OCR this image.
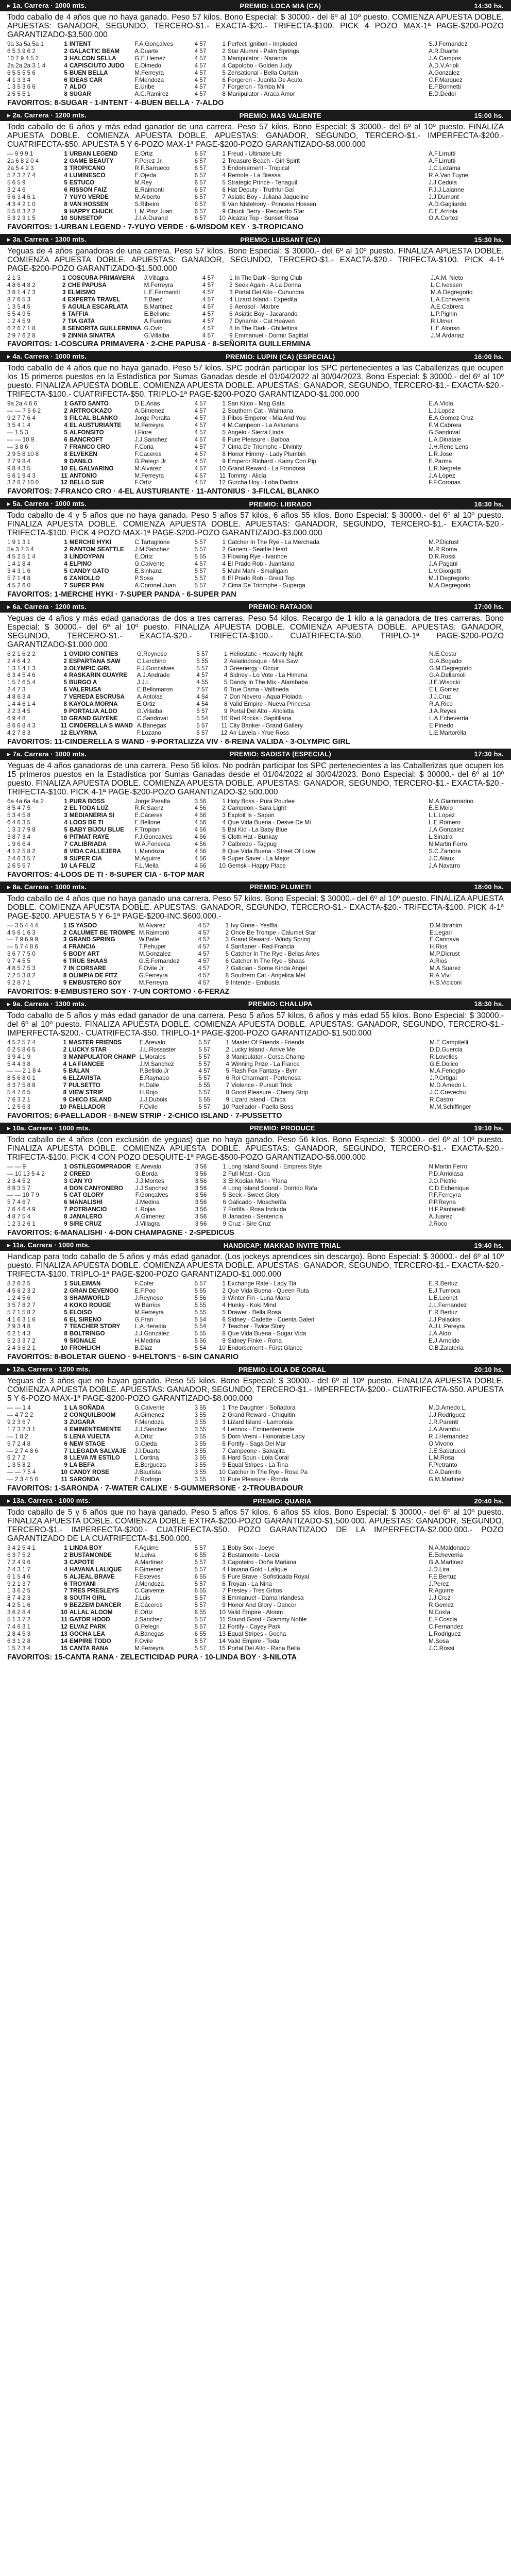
▸ 1a. Carrera · 1000 mts.	PREMIO: LOCA MIA (CA)	14:30 hs.
Todo caballo de 4 años que no haya ganado. Peso 57 kilos. Bono Especial: $ 30000.- del 6º al 10º puesto. COMIENZA APUESTA DOBLE. APUESTAS: GANADOR, SEGUNDO, TERCERO-$1.- EXACTA-$20.- TRIFECTA-$100. PICK 4 POZO MAX-1ª PAGE-$200-POZO GARANTIZADO-$3.500.000
9a 3a 5a 5a 1	1	INTENT	F.A.Gonçalves	4 57	1	Perfect Ignition - Imploded	S.J.Fernandez
6 5 3 9 6 2	2	GALACTIC BEAM	A.Duarte	4 57	2	Star Alumni - Palm Springs	A.R.Duarte
10 7 9 4 5 2	3	HALCON SELLA	G.E.Hemez	4 57	3	Manipulator - Naranda	J.A.Campos
2a 2a 2a 3 1 4	4	CAPISCIUTO JUDO	E.Olmedo	4 57	4	Capolobo - Golden Judy	A.D.V.Arioli
6 5 5 5 5 6	5	BUEN BELLA	M.Ferreyra	4 57	5	Zensational - Bella Curtain	A.Gonzalez
4 1 3 3 4	6	IDEAS CAR	F.Mendoza	4 57	6	Forgeron - Juanita De Acuto	C.F.Marquez
1 3 5 3 6 6	7	ALDO	E.Uribe	4 57	7	Forgeron - Tamba Mii	E.F.Bonnetti
2 5 5 5 1	8	SUGAR	A.C.Ramirez	4 57	8	Manipulator - Araca Amor	E.D.Dedol
FAVORITOS: 8-SUGAR · 1-INTENT · 4-BUEN BELLA · 7-ALDO
▸ 2a. Carrera · 1200 mts.	PREMIO: MAS VALIENTE	15:00 hs.
Todo caballo de 6 años y más edad ganador de una carrera. Peso 57 kilos. Bono Especial: $ 30000.- del 6º al 10º puesto. FINALIZA APUESTA DOBLE. COMIENZA APUESTA DOBLE. APUESTAS: GANADOR, SEGUNDO, TERCERO-$1.- IMPERFECTA-$200.- CUATRIFECTA-$50. APUESTA 5 Y 6-POZO MAX-1ª PAGE-$200-POZO GARANTIZADO-$8.000.000
— 9 9 9 1	1	URBAN LEGEND	E.Ortiz	6 57	1	Freud - Ultimate Life	A.F.Lirrutti
2a 6 8 2 0 4	2	GAME BEAUTY	F.Perez Jr.	6 57	2	Treasure Beach - Girl Spirit	A.F.Lirrutti
2a 5 4 2 3	3	TROPICANO	R.F.Barrueco	6 57	3	Endorsement - Tropical	J.C.Lezama
5 2 3 2 7 4	4	LUMINESCO	E.Ojeda	6 57	4	Remote - La Bressa	R.A.Van Tuyne
5 6 5 9	5	ESTUCO	M.Rey	6 57	5	Strategic Prince - Tenaguil	J.J.Cedola
3 2 4 6	6	RISSON FAIZ	E.Raimonti	6 57	6	Hat Deputy - Truthful Gal	P.J.J.Lalanne
5 6 3 4 6 1	7	YUYO VERDE	M.Alberto	6 57	7	Asiatic Boy - Juliana Jaqueline	J.J.Dumont
4 3 4 2 1 0	8	VAN HOSSEN	S.Ribeiro	6 57	8	Van Nistelrooy - Princess Hossen	A.D.Gagliardo
5 5 8 3 2 2	9	HAPPY CHUCK	L.M.Pinz Juan	6 57	9	Chuck Berry - Recuerdo Star	C.E.Arriola
5 3 2 3 1 5	10	SUNSETOP	J.I.A.Durand	6 57	10	Alcázar Top - Sunset Rosa	O.A.Cortez
FAVORITOS: 1-URBAN LEGEND · 7-YUYO VERDE · 6-WISDOM KEY · 3-TROPICANO
▸ 3a. Carrera · 1300 mts.	PREMIO: LUSSANT (CA)	15:30 hs.
Yeguas de 4 años ganadoras de una carrera. Peso 57 kilos. Bono Especial: $ 30000.- del 6º al 10º puesto. FINALIZA APUESTA DOBLE. COMIENZA APUESTA DOBLE. APUESTAS: GANADOR, SEGUNDO, TERCERO-$1.- EXACTA-$20.- TRIFECTA-$100. PICK 4-1ª PAGE-$200-POZO GARANTIZADO-$1.500.000
2 1 3	1	COSCURA PRIMAVERA	J.Villagra	4 57	1	In The Dark - Spring Club	J.A.M. Nieto
4 8 6 4 8 2	2	CHE PAPUSA	M.Ferreyra	4 57	2	Seek Again - A La Donna	L.C.Ivessen
3 8 1 4 7 3	3	ELMISMO	L.E.Fermandi	4 57	3	Portal Del Alto - Cuhundra	M.A.Degregorio
8 7 6 5 3	4	EXPERTA TRAVEL	T.Baez	4 57	4	Lizard Island - Expedita	L.A.Echeverria
1 3 5 4 5	5	AGUILA ESCARLATA	B.Martinez	4 57	5	Aerosol - Marbre	A.E.Cabrera
5 5 4 9 5	6	TAFFIA	E.Bellone	4 57	6	Asiatic Boy - Jacarando	L.P.Pighin
1 2 4 5 9	7	TIA GATA	A.Fuentes	4 57	7	Dynamix - Cat Heaven	R.Ulmer
6 2 6 7 1 8	8	SENORITA GUILLERMINA	G.Ovid	4 57	8	In The Dark - Ghillettina	L.E.Alonso
2 9 7 6 2 8	9	ZINNIA SINATRA	G.Villalba	4 57	9	Emmanuel - Dormir Sagittal	J.M.Ardanaz
FAVORITOS: 1-COSCURA PRIMAVERA · 2-CHE PAPUSA · 8-SEÑORITA GUILLERMINA
▸ 4a. Carrera · 1000 mts.	PREMIO: LUPIN (CA) (ESPECIAL)	16:00 hs.
Todo caballo de 4 años que no haya ganado. Peso 57 kilos. SPC podrán participar los SPC pertenecientes a las Caballerizas que ocupen los 15 primeros puestos en la Estadística por Sumas Ganadas desde el 01/04/2022 al 30/04/2023. Bono Especial: $ 30000.- del 6º al 10º puesto. FINALIZA APUESTA DOBLE. COMIENZA APUESTA DOBLE. APUESTAS: GANADOR, SEGUNDO, TERCERO-$1.- EXACTA-$20.- TRIFECTA-$100.- CUATRIFECTA-$50. TRIPLO-1ª PAGE-$200-POZO GARANTIZADO-$1.000.000
9a 2a 4 6 6	1	GATO SANTO	D.E.Arias	4 57	1	San Kitco - Mag Gata	E.A.Viola
— — 7 5 6 2	2	ARTROCKAZO	A.Gimenez	4 57	2	Southern Cat - Waimana	L.J.Lopez
9 2 7 7 6 4	3	FILCAL BLANKO	Jorge Peralta	4 57	3	Pibos Emperor - Mia And You	E.A.Gomez Cruz
3 5 4 1 4	4	EL AUSTURIANTE	M.Ferreyra	4 57	4	M.Campeon - La Asturiana	F.M.Cabrera
— 1 5 3	5	ALFONSITO	I.Fiore	4 57	5	Angelo - Sierra Linda	G.Sandoval
— — 10 9	6	BANCROFT	J.J.Sanchez	4 57	6	Pure Pleasure - Balboa	L.A.Dinatale
— 3 8 6	7	FRANCO CRO	F.Coria	4 57	7	Cima De Triomphe - Divinity	J.H.Rene Lens
2 9 5 8 10 8	8	ELVEKEN	F.Caceres	4 57	8	Honor Himmy - Lady Plumbin	L.R.Jose
2 7 9 8 4	9	DANILO	G.Pelegri Jr	4 57	9	Emperor Richard - Kamy Con Pip	E.Parma
9 8 4 3 5	10	EL GALVARINO	M.Alvarez	4 57	10	Grand Reward - La Frondosa	L.R.Negrete
5 6 1 9 4 3	11	ANTONIO	M.Ferreyra	4 57	11	Tommy - Alicia	J.A.Lopez
3 2 8 7 10 0	12	BELLO SUR	F.Ortiz	4 57	12	Gurcha Hoy - Loba Dadina	F.F.Coronas
FAVORITOS: 7-FRANCO CRO · 4-EL AUSTURIANTE · 11-ANTONIUS · 3-FILCAL BLANKO
▸ 5a. Carrera · 1000 mts.	PREMIO: LIBRADO	16:30 hs.
Todo caballo de 4 y 5 años que no haya ganado. Peso 5 años 57 kilos, 6 años 55 kilos. Bono Especial: $ 30000.- del 6º al 10º puesto. FINALIZA APUESTA DOBLE. COMIENZA APUESTA DOBLE. APUESTAS: GANADOR, SEGUNDO, TERCERO-$1.- EXACTA-$20.- TRIFECTA-$100. PICK 4 POZO MAX-1ª PAGE-$200-POZO GARANTIZADO-$3.000.000
1 9 1 3 1	1	MERCHE HYKI	C.Tartaglione	5 57	1	Catcher In The Rye - La Merchada	M.P.Dicrust
5a 3 7 3 4	2	RANTOM SEATTLE	J.M.Sanchez	5 57	2	Ganem - Seattle Heart	M.R.Roma
4 5 2 5 1 4	3	LINDOYPAN	E.Ortiz	5 55	3	Flowing Rye - Ivanhoe	D.R.Rossi
1 4 1 8 4	4	ELPINO	G.Calvente	4 57	4	El Prado Rob - Juanfaina	J.A.Pagani
3 4 3 1 6	5	CANDY GATO	E.Sinhanz	5 57	5	Mahi Mahi - Smalligain	L.V.Giorgetti
5 7 1 4 8	6	ZANIOLLO	P.Sosa	5 57	6	El Prado Rob - Great Top	M.J.Degregorio
4 5 2 6 0	7	SUPER PAN	A.Coronel Juan	5 57	7	Cima De Triomphe - Superga	M.A.Degregorio
FAVORITOS: 1-MERCHE HYKI · 7-SUPER PANDA · 6-SUPER PAN
▸ 6a. Carrera · 1200 mts.	PREMIO: RATAJON	17:00 hs.
Yeguas de 4 años y más edad ganadoras de dos a tres carreras. Peso 54 kilos. Recargo de 1 kilo a la ganadora de tres carreras. Bono Especial: $ 30000.- del 6º al 10º puesto. FINALIZA APUESTA DOBLE. COMIENZA APUESTA DOBLE. APUESTAS: GANADOR, SEGUNDO, TERCERO-$1.- EXACTA-$20.- TRIFECTA-$100.- CUATRIFECTA-$50. TRIPLO-1ª PAGE-$200-POZO GARANTIZADO-$1.000.000
6 2 1 6 2 2	1	OVIDIO CONTIES	G.Reynoso	5 57	1	Heliostatic - Heavenly Night	N.E.Cesar
2 4 6 4 2	2	ESPARTANA SAW	C.Lerchino	5 55	2	Asiatiobosque - Miss Saw	G.A.Bogado
1 3 1 4 1 3	3	OLYMPIC GIRL	F.J.Goncalves	5 57	3	Greenergy - Occur	G.M.Degregorio
6 3 4 5 4 6	4	RASKARIN GUAYRE	A.J.Andrade	4 57	4	Sidney - Lo Vote - La Himena	G.A.Dellamoli
1 5 7 6 5 4	5	BURGO A	J.J.L.	4 55	5	Dandy In The Mix - Alambaba	J.E.Wisocki
2 4 7 3	6	VALERUSA	E.Bellomaron	7 57	6	True Dama - Valfineda	E.L.Gomez
4 8 6 3 4	7	VEREDA ESCRUSA	A.Antolas	4 54	7	Don Nevero - Aqua Piolada	J.J.Cruz
1 4 4 6 1 4	8	KAYOLA MORNA	E.Ortiz	4 54	8	Valid Empire - Nueva Princesa	R.A.Rico
2 2 3 4 5	9	PORTALIA ALDO	G.Villalba	5 57	9	Portal Del Alto - Altoletta	J.A.Reyes
6 9 4 8	10	GRAND GUYENE	C.Sandoval	5 54	10	Red Rocks - Sapitiliana	L.A.Echeverria
8 6 6 8 4 3	11	CINDERELLA S WAND	A.Banegas	5 57	11	City Banker - Grand Gallery	E.Pinedo
4 2 7 8 3	12	ELVYRNA	F.Lozano	6 57	12	Air Lavela - Yrue Ross	L.E.Martorella
FAVORITOS: 11-CINDERELLA S WAND · 9-PORTALIZZA VIV · 8-REINA VALIDA · 3-OLYMPIC GIRL
▸ 7a. Carrera · 1000 mts.	PREMIO: SADISTA (ESPECIAL)	17:30 hs.
Yeguas de 4 años ganadoras de una carrera. Peso 56 kilos. No podrán participar los SPC pertenecientes a las Caballerizas que ocupen los 15 primeros puestos en la Estadística por Sumas Ganadas desde el 01/04/2022 al 30/04/2023. Bono Especial: $ 30000.- del 6º al 10º puesto. FINALIZA APUESTA DOBLE. COMIENZA APUESTA DOBLE. APUESTAS: GANADOR, SEGUNDO, TERCERO-$1.- EXACTA-$20.- TRIFECTA-$100. PICK 4-1ª PAGE-$200-POZO GARANTIZADO-$2.500.000
6a 4a 6a 4a 2	1	PURA BOSS	Jorge Peralta	3 56	1	Holy Boss - Pura Pourlee	M.A.Giammarino
8 5 4 7 5	2	EL TODA LUZ	R.R.Saenz	4 56	2	Campeon - Sara Light	E.E.Melo
5 3 4 5 8	3	MEDIANERIA SI	E.Cáceres	4 56	3	Exploit Is - Sapori	L.L.Lopez
6 4 6 3 5	4	LOOS DE TI	E.Bellone	4 56	4	Que Vida Buena - Desve De Mi	L.E.Romero
1 3 3 7 9 8	5	BABY BIJOU BLUE	F.Tropiani	4 56	5	Bal Kid - La Baby Blue	J.A.Gonzalez
3 8 7 3 4	6	PITMAT RAYE	F.J.Goncalves	4 56	6	Cloth Hat - Bunkay	L.Sinatra
1 9 6 6 4	7	CALIBRIADA	W.A.Fonseca	4 56	7	Calbredo - Tagpug	N.Martin Ferro
4 1 2 5 8 2	8	VIDA CALLEJERA	L.Mendoza	4 56	8	Que Vida Buena - Street Of Love	S.C.Zamora
2 4 6 3 5 7	9	SUPER CIA	M.Aguirre	4 56	9	Super Saver - La Mejor	J.C.Alaux
2 6 5 5 7	10	LA FELIZ	F.L.Mella	4 56	10	Gemsk - Happy Place	J.A.Navarro
FAVORITOS: 4-LOOS DE TI · 8-SUPER CIA · 6-TOP MAR
▸ 8a. Carrera · 1000 mts.	PREMIO: PLUMETI	18:00 hs.
Todo caballo de 4 años que no haya ganado una carrera. Peso 57 kilos. Bono Especial: $ 30000.- del 6º al 10º puesto. FINALIZA APUESTA DOBLE. COMIENZA APUESTA DOBLE. APUESTAS: GANADOR, SEGUNDO, TERCERO-$1.- EXACTA-$20.- TRIFECTA-$100. PICK 4-1ª PAGE-$200. APUESTA 5 Y 6-1ª PAGE-$200-INC.$600.000.-
— 3 5 4 4 4	1	IS YASOO	M.Alvarez	4 57	1	Ivy Gone - Yesffia	D.M.Ibrahim
4 5 6 1 6 3	2	CALUMET BE TROMPE	M.Raimonti	4 57	2	Once Be Trompe - Calumet Star	E.Legari
— 7 9 6 9 9	3	GRAND SPRING	W.Balle	4 57	3	Grand Reward - Windy Spring	E.Cannava
— 5 7 4 8 6	4	FRANCIA	T.Pehuper	4 57	4	Sanflaner - Red Francia	H.Rios
3 6 7 7 5 0	5	BODY ART	M.Gonzalez	4 57	5	Catcher In The Rye - Bellas Artes	M.P.Dicrust
9 7 4 5 5	6	TRUE SHAAS	G.E.Fernandez	4 57	6	Catcher In The Rye - Shaas	A.Rios
4 8 5 7 5 3	7	IN CORSARE	F.Ovile Jr	4 57	7	Galician - Some Kinda Angel	M.A.Suarez
7 2 5 3 8 2	8	OLIMPIA DE FITZ	G.Ferreyra	4 57	8	Southern Cat - Angelica Mel	R.A.Vivi
9 2 8 7 1	9	EMBUSTERO SOY	M.Ferreyra	4 57	9	Intende - Embusta	H.S.Viciconi
FAVORITOS: 9-EMBUSTERO SOY · 7-UN CORTOMO · 6-FERAZ
▸ 9a. Carrera · 1300 mts.	PREMIO: CHALUPA	18:30 hs.
Todo caballo de 5 años y más edad ganador de una carrera. Peso 5 años 57 kilos, 6 años y más edad 55 kilos. Bono Especial: $ 30000.- del 6º al 10º puesto. FINALIZA APUESTA DOBLE. COMIENZA APUESTA DOBLE. APUESTAS: GANADOR, SEGUNDO, TERCERO-$1.- IMPERFECTA-$200.- CUATRIFECTA-$50. TRIPLO-1ª PAGE-$200-POZO GARANTIZADO-$1.500.000
4 5 2 5 7 4	1	MASTER FRIENDS	E.Arevalo	5 57	1	Master Of Friends - Friends	M.E.Campitelli
6 2 5 8 6 5	2	LUCKY STAR	J.L.Rossaster	5 57	2	Lucky Island - Arrive Me	D.D.Guercia
3 9 4 1 9	3	MANIPULATOR CHAMP	L.Morales	5 57	3	Manipulator - Corsa Champ	R.Lovelles
5 4 4 3 8	4	LA FIANCEE	J.M.Sanchez	5 57	4	Winning Prize - La Fiance	G.E.Dolico
— — 2 1 8 4	5	BALAN	P.Bellido Jr	4 57	5	Flash Fox Fantasy - Bym	M.A.Fenoglio
8 5 6 8 0 1	6	ELZAVISTA	E.Raynapo	5 57	6	Roi Charmant - Portenosa	J.P.Ortigai
8 3 7 5 8 8	7	PULSETTO	H.Dalle	5 55	7	Violence - Pursuit Trick	M.D.Amedo L.
5 4 7 6 5	8	VIEW STRIP	H.Rojo	5 57	8	Good Pleasure - Cherry Strip	J.C.Crevechu
7 6 3 2 1	9	CHICO ISLAND	J.J.Dubois	5 55	9	Lizard Island - Chica	R.Castro
1 2 5 6 3	10	PAELLADOR	F.Ovile	5 57	10	Paellador - Paella Boss	M.M.Schiffinger
FAVORITOS: 6-PAELLADOR · 8-NEW STRIP · 2-CHICO ISLAND · 7-PUSSETTO
▸ 10a. Carrera · 1000 mts.	PREMIO: PRODUCE	19:10 hs.
Todo caballo de 4 años (con exclusión de yeguas) que no haya ganado. Peso 56 kilos. Bono Especial: $ 30000.- del 6º al 10º puesto. FINALIZA APUESTA DOBLE. COMIENZA APUESTA DOBLE. APUESTAS: GANADOR, SEGUNDO, TERCERO-$1.- EXACTA-$20.- TRIFECTA-$100. PICK 4 CON POZO DESQUITE-1ª PAGE-$500-POZO GARANTIZADO-$6.000.000
— — 9	1	OSTILEGOMPRADOR	E.Arevalo	3 56	1	Long Island Sound - Empress Style	N.Martin Ferro
— 10 13 5 4 2	2	CREED	G.Borda	3 56	2	Full Mast - Cida	P.D.Arriolasa
2 3 4 5 2	3	CAN YO	J.J.Montes	3 56	3	El Kodiak Man - Ylana	J.O.Pietrie
8 8 3 5 7	4	DON CANYONERO	J.J.Sanchez	3 56	4	Long Island Sound - Dorrido Rafa	C.D.Echenique
— — 10 7 9	5	CAT GLORY	F.Gonçalves	3 56	5	Seek - Sweet Glory	P.F.Ferreyra
5 7 4 6 7	6	MANALISHI	J.Medina	3 56	6	Galicado - Moscherita	P.P.Reyna
7 6 4 6 4 9	7	POTRIANCIO	L.Rojas	3 56	7	Forlifa - Rosa Incluida	H.F.Pantanelli
4 8 7 5 4	8	JANALERO	A.Gimenez	3 56	8	Janadeo - Sentencia	A.Juarez
1 2 3 2 6 1	9	SIRE CRUZ	J.Villagra	3 56	9	Cruz - Sire Cruz	J.Roco
FAVORITOS: 6-MANALISHI · 4-DON CHAMPAGNE · 2-SPEDICUS
▸ 11a. Carrera · 1000 mts.	HANDICAP: MAKKAD INVITE TRIAL	19:40 hs.
Handicap para todo caballo de 5 años y más edad ganador. (Los jockeys aprendices sin descargo). Bono Especial: $ 30000.- del 6º al 10º puesto. FINALIZA APUESTA DOBLE. COMIENZA APUESTA DOBLE. APUESTAS: GANADOR, SEGUNDO, TERCERO-$1.- EXACTA-$20.- TRIFECTA-$100. TRIPLO-1ª PAGE-$200-POZO GARANTIZADO-$1.000.000
8 2 6 2 5	1	SULEIMAN	F.Cofer	5 57	1	Exchange Rate - Lady Tia	E.R.Bertuz
4 5 8 2 3 2	2	GRAN DEVENGO	E.F.Poo	5 55	2	Que Vida Buena - Queen Ruta	E.J.Tumoca
1 2 4 5 6	3	SHAMWORLD	J.Reynoso	5 56	3	Winter Fin - Luna Maria	L.E.Leonet
3 5 7 8 2 7	4	KOKO ROUGE	W.Barrios	5 55	4	Hunky - Koki Mind	J.L.Fernandez
5 7 1 5 8 2	5	ELOISO	M.Ferreyra	5 55	5	Drawer - Bella Rosa	E.R.Bertuz
4 1 6 3 1 6	6	EL SIRENO	G.Fran	5 54	6	Sidney - Cadette - Cuenta Galeri	J.J.Palacios
2 9 3 4 8	7	TEACHER STORY	L.A.Heredia	5 54	7	Teacher - Twice Story	A.J.L.Pereyra
6 2 1 4 3	8	BOLTRINGO	J.J.Gonzalez	5 55	8	Que Vida Buena - Sugar Vida	J.A.Aldo
5 2 3 3 7 2	9	SIGNALE	H.Medina	5 56	9	Sidney Finke - Rona	E.J.Arnoldo
2 4 3 6 2 1	10	FROHLICH	B.Diaz	5 54	10	Endorsement - Fürst Glance	C.B.Zalateria
FAVORITOS: 8-BOLETAR GUENO · 9-HELTON'S · 6-SIN CANARIO
▸ 12a. Carrera · 1200 mts.	PREMIO: LOLA DE CORAL	20:10 hs.
Yeguas de 3 años que no hayan ganado. Peso 55 kilos. Bono Especial: $ 30000.- del 6º al 10º puesto. FINALIZA APUESTA DOBLE. COMIENZA APUESTA DOBLE. APUESTAS: GANADOR, SEGUNDO, TERCERO-$1.- IMPERFECTA-$200.- CUATRIFECTA-$50. APUESTA 5 Y 6-POZO MAX-1ª PAGE-$200-POZO GARANTIZADO-$8.000.000
— — 1 4	1	LA SOÑADA	G.Calvente	3 55	1	The Daughter - Soñadora	M.D.Amedo L.
— 4 7 2 2	2	CONQUILBOOM	A.Gimenez	3 55	2	Grand Reward - Chiquitin	J.J.Rodriguez
9 2 3 6 7	3	ZUGARA	F.Mendoza	3 55	3	Lizard Island - Lamonsia	J.R.Parenti
1 7 3 2 3 1	4	EMINENTEMENTE	J.J.Sanchez	3 55	4	Lennox - Eminentemente	J.A.Arambu
— 1 8 2	5	LENA VUELTA	A.Ortiz	3 55	5	Dorn Vreini - Honorable Lady	R.J.Hernandez
5 7 2 4 8	6	NEW STAGE	G.Ojeda	3 55	6	Fortify - Saga Del Mar	O.Vivorio
— 2 7 4 8 6	7	LLEGADA SALVAJE	J.I.Duarte	3 55	7	Campeone - Salvajita	J.E.Sabatucci
6 2 7 2	8	LLEVA MI ESTILO	L.Cortina	3 55	8	Hard Spun - Lola Coral	L.M.Rosa
1 3 5 8 2	9	LA BEFA	E.Bergueza	3 55	9	Equal Stripes - La Tina	F.Pietranto
— — 7 5 4	10	CANDY ROSE	J.Bautista	3 55	10	Catcher In The Rye - Rose Pa	C.A.Dannifo
— 2 3 4 5 6	11	SARONDA	E.Rodrigo	3 55	11	Pure Pleasure - Ronda	G.M.Martinez
FAVORITOS: 1-SARONDA · 7-WATER CALIXE · 5-GUMMERSONE · 2-TROUBADOUR
▸ 13a. Carrera · 1000 mts.	PREMIO: QUARIA	20:40 hs.
Todo caballo de 5 y 6 años que no haya ganado. Peso 5 años 57 kilos, 6 años 55 kilos. Bono Especial: $ 30000.- del 6º al 10º puesto. FINALIZA APUESTA DOBLE. COMIENZA DOBLE EXTRA-$200-POZO GARANTIZADO-$1.500.000. APUESTAS: GANADOR, SEGUNDO, TERCERO-$1.- IMPERFECTA-$200.- CUATRIFECTA-$50. POZO GARANTIZADO DE LA IMPERFECTA-$2.000.000.- POZO GARANTIZADO DE LA CUATRIFECTA-$1.500.000.
3 4 2 5 4 1	1	LINDA BOY	F.Aguirre	5 57	1	Boby Sox - Joeye	N.A.Maldonado
6 3 7 5 2	2	BUSTAMONDE	M.Leiva	6 55	2	Bustamonte - Lecia	E.Echeverria
7 2 4 9 6	3	CAPOTE	A.Martinez	5 57	3	Capoteiro - Doña Mariana	G.A.Martinez
2 4 3 1 7	4	HAVANA LALIQUE	F.Gimenez	5 57	4	Havana Gold - Lalique	J.D.Lira
6 1 5 4 6	5	ALJEAL BRAVE	F.Esteves	6 55	5	Pure Brave - Sofisticada Royal	F.E.Bertuz
9 2 1 3 7	6	TROYANI	J.Mendoza	5 57	6	Troyan - La Nina	J.Perez
1 3 6 2 5	7	TRES PRESLEYS	C.Calvente	6 55	7	Presley - Tres Gritos	R.Aguirre
8 7 4 2 3	8	SOUTH GIRL	J.Luis	5 57	8	Emmanuel - Dama Irlandesa	J.J.Cruz
4 2 5 1 6	9	BEZZEM DANCER	E.Cáceres	5 57	9	Honor And Glory - Dancer	R.Gomez
3 6 2 8 4	10	ALLAL ALOOM	E.Ortiz	6 55	10	Valid Empire - Aloom	N.Costa
5 1 3 7 2	11	GATOR HOOD	J.Sanchez	5 57	11	Sound Good - Grammy Noble	E.F.Coscia
7 4 6 3 1	12	ELVAZ PARK	G.Pelegri	5 57	12	Fortify - Cayey Park	C.Fernandez
2 8 4 5 3	13	GOCHA LEA	A.Banegas	6 55	13	Equal Stripes - Gocha	L.Rodriguez
6 3 1 2 8	14	EMPIRE TODO	F.Ovile	5 57	14	Valid Empire - Toda	M.Sosa
1 5 7 3 4	15	CANTA RANA	M.Ferreyra	5 57	15	Portal Del Alto - Rana Bella	J.C.Rossi
FAVORITOS: 15-CANTA RANA · ZELECTICIDAD PURA · 10-LINDA BOY · 3-NILOTA
